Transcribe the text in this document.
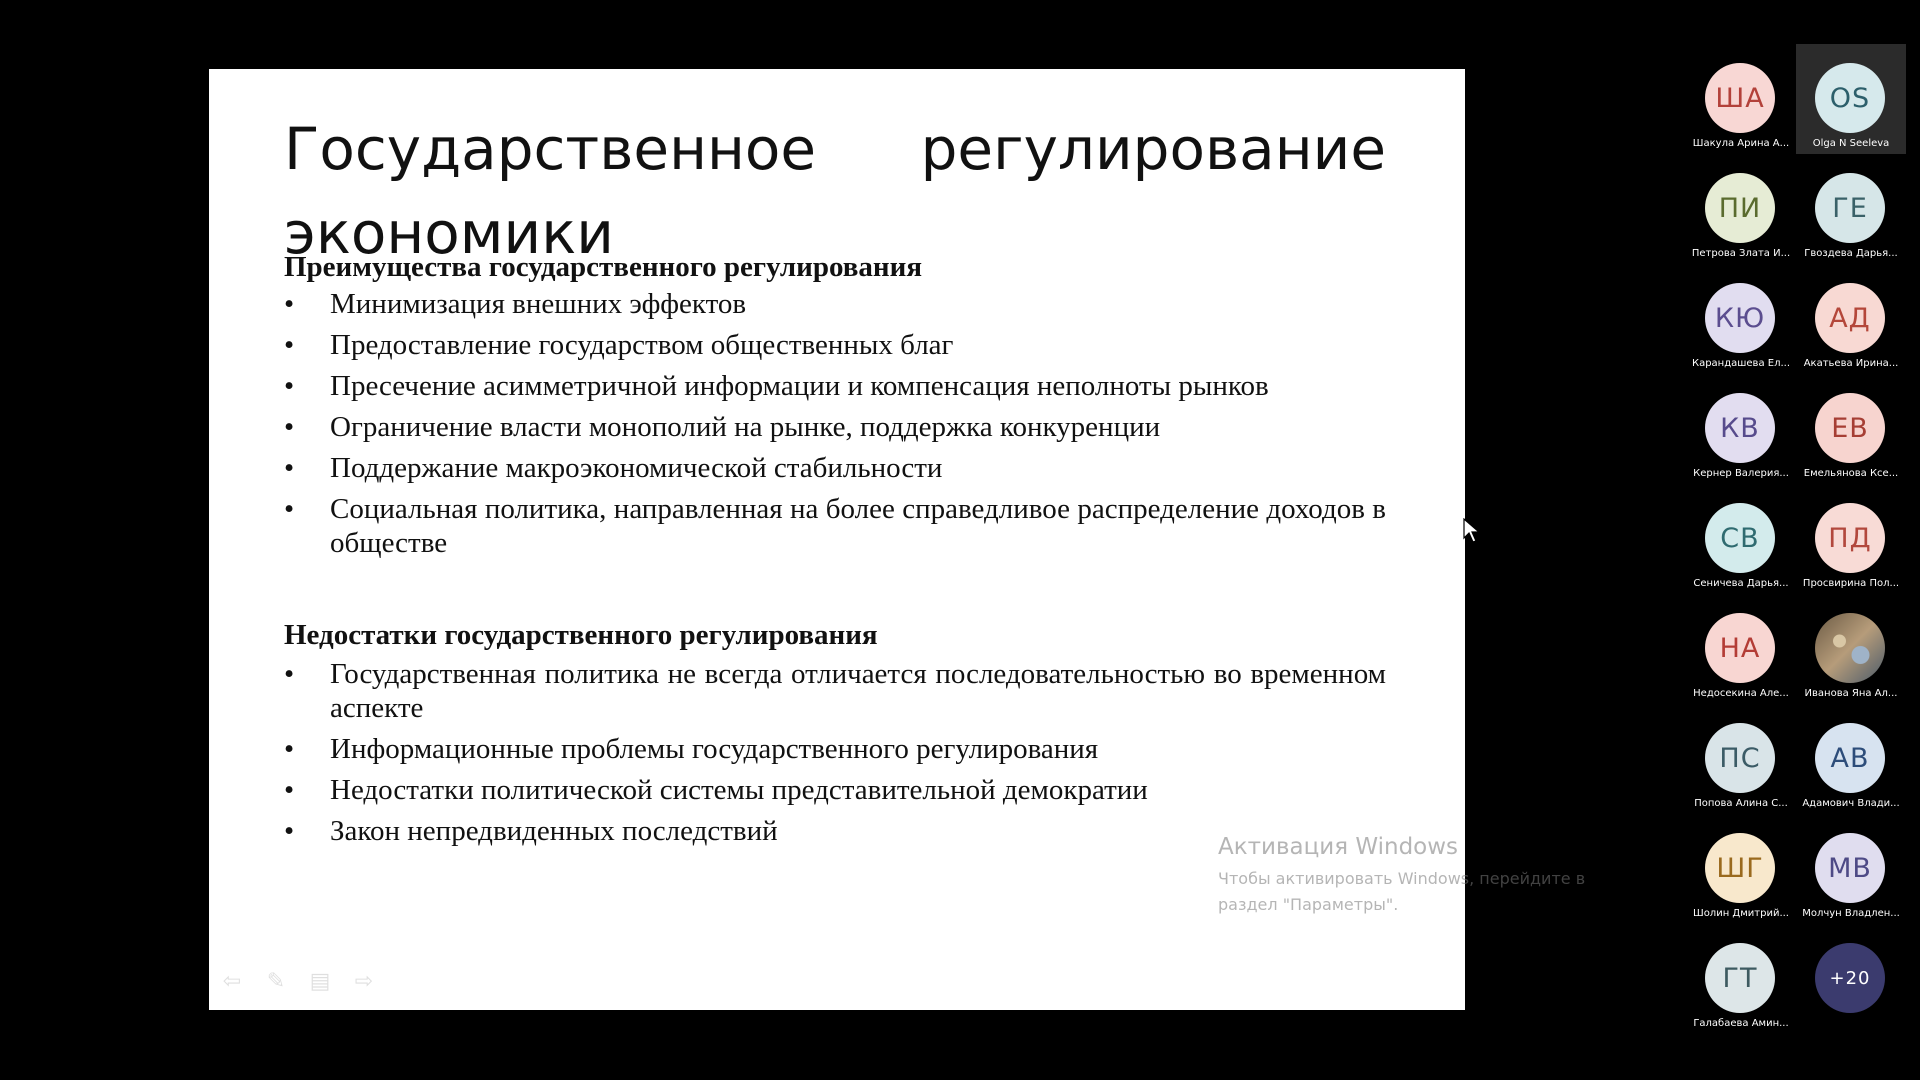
Государственное регулирование
экономики
Преимущества государственного регулирования
• Минимизация внешних эффектов
• Предоставление государством общественных благ
• Пресечение асимметричной информации и компенсация неполноты рынков
• Ограничение власти монополий на рынке, поддержка конкуренции
• Поддержание макроэкономической стабильности
• Социальная политика, направленная на более справедливое распределение доходов в обществе
Недостатки государственного регулирования
• Государственная политика не всегда отличается последовательностью во временном аспекте
• Информационные проблемы государственного регулирования
• Недостатки политической системы представительной демократии
• Закон непредвиденных последствий
⇦ ✎ ▤ ⇨
Активация Windows
Чтобы активировать Windows, перейдите в
раздел "Параметры".
ША
Шакула Арина А...
OS
Olga N Seeleva
ПИ
Петрова Злата И...
ГЕ
Гвоздева Дарья...
КЮ
Карандашева Ел...
АД
Акатьева Ирина...
КВ
Кернер Валерия...
ЕВ
Емельянова Ксе...
СВ
Сеничева Дарья...
ПД
Просвирина Пол...
НА
Недосекина Але...	Иванова Яна Ал...
ПС
Попова Алина С...
АВ
Адамович Влади...
ШГ
Шолин Дмитрий...
МВ
Молчун Владлен...
ГТ
Галабаева Амин...
+20
